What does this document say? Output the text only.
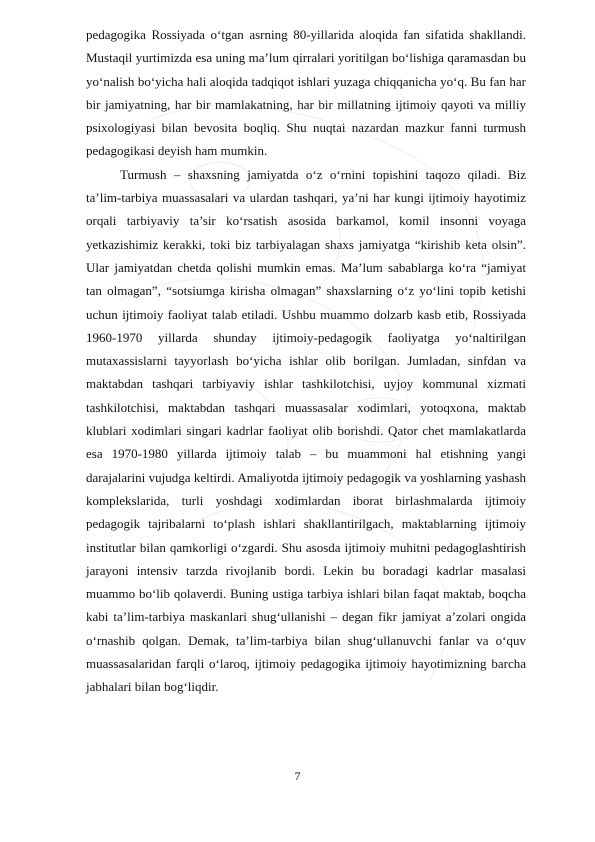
pedagogika Rossiyada o‘tgan asrning 80-yillarida aloqida fan sifatida shakllandi. Mustaqil yurtimizda esa uning ma’lum qirralari yoritilgan bo‘lishiga qaramasdan bu yo‘nalish bo‘yicha hali aloqida tadqiqot ishlari yuzaga chiqqanicha yo‘q. Bu fan har bir jamiyatning, har bir mamlakatning, har bir millatning ijtimoiy qayoti va milliy psixologiyasi bilan bevosita boqliq. Shu nuqtai nazardan mazkur fanni turmush pedagogikasi deyish ham mumkin.

Turmush – shaxsning jamiyatda o‘z o‘rnini topishini taqozo qiladi. Biz ta’lim-tarbiya muassasalari va ulardan tashqari, ya’ni har kungi ijtimoiy hayotimiz orqali tarbiyaviy ta’sir ko‘rsatish asosida barkamol, komil insonni voyaga yetkazishimiz kerakki, toki biz tarbiyalagan shaxs jamiyatga “kirishib keta olsin”. Ular jamiyatdan chetda qolishi mumkin emas. Ma’lum sabablarga ko‘ra “jamiyat tan olmagan”, “sotsiumga kirisha olmagan” shaxslarning o‘z yo‘lini topib ketishi uchun ijtimoiy faoliyat talab etiladi. Ushbu muammo dolzarb kasb etib, Rossiyada 1960-1970 yillarda shunday ijtimoiy-pedagogik faoliyatga yo‘naltirilgan mutaxassislarni tayyorlash bo‘yicha ishlar olib borilgan. Jumladan, sinfdan va maktabdan tashqari tarbiyaviy ishlar tashkilotchisi, uyjoy kommunal xizmati tashkilotchisi, maktabdan tashqari muassasalar xodimlari, yotoqxona, maktab klublari xodimlari singari kadrlar faoliyat olib borishdi. Qator chet mamlakatlarda esa 1970-1980 yillarda ijtimoiy talab – bu muammoni hal etishning yangi darajalarini vujudga keltirdi. Amaliyotda ijtimoiy pedagogik va yoshlarning yashash komplekslarida, turli yoshdagi xodimlardan iborat birlashmalarda ijtimoiy pedagogik tajribalarni to‘plash ishlari shakllantirilgach, maktablarning ijtimoiy institutlar bilan qamkorligi o‘zgardi. Shu asosda ijtimoiy muhitni pedagoglashtirish jarayoni intensiv tarzda rivojlanib bordi. Lekin bu boradagi kadrlar masalasi muammo bo‘lib qolaverdi. Buning ustiga tarbiya ishlari bilan faqat maktab, boqcha kabi ta’lim-tarbiya maskanlari shug‘ullanishi – degan fikr jamiyat a’zolari ongida o‘rnashib qolgan. Demak, ta’lim-tarbiya bilan shug‘ullanuvchi fanlar va o‘quv muassasalaridan farqli o‘laroq, ijtimoiy pedagogika ijtimoiy hayotimizning barcha jabhalari bilan bog‘liqdir.

7
